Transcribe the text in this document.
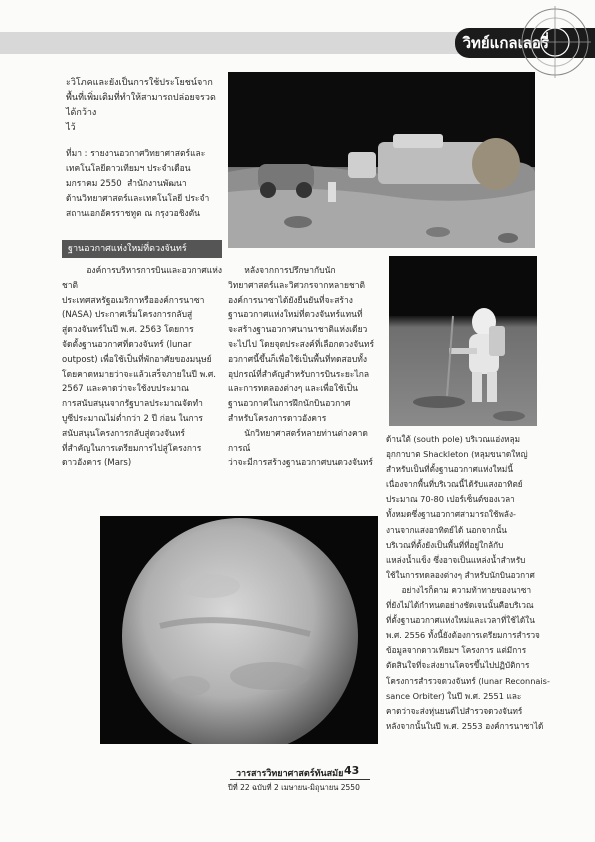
วิทย์แกลเลอรี่
ะวิโภคและยังเป็นการใช้ประโยชน์จาก
พื้นที่เพิ่มเติมที่ทำให้สามารถปล่อยจรวดได้กว้าง
ไว้
ที่มา : รายงานอวกาศวิทยาศาสตร์และ
เทคโนโลยีดาวเทียมฯ ประจำเดือน
มกราคม 2550  สำนักงานพัฒนา
ด้านวิทยาศาสตร์และเทคโนโลยี ประจำ
สถานเอกอัครราชทูต ณ กรุงวอชิงตัน
ฐานอวกาศแห่งใหม่ที่ดวงจันทร์
องค์การบริหารการบินและอวกาศแห่งชาติ
ประเทศสหรัฐอเมริกาหรือองค์การนาซา
(NASA) ประกาศเริ่มโครงการกลับสู่
สู่ดวงจันทร์ในปี พ.ศ. 2563 โดยการ
จัดตั้งฐานอวกาศที่ดวงจันทร์ (lunar
outpost) เพื่อใช้เป็นที่พักอาศัยของมนุษย์
โดยคาดหมายว่าจะแล้วเสร็จภายในปี พ.ศ.
2567 และคาดว่าจะใช้งบประมาณ
การสนับสนุนจากรัฐบาลประมาณจัดทำ
บูซีประมาณไม่ต่ำกว่า 2 ปี ก่อน ในการ
สนับสนุนโครงการกลับสู่ดวงจันทร์
ที่สำคัญในการเตรียมการไปสู่โครงการ
ดาวอังคาร (Mars)
หลังจากการปรึกษากับนัก
วิทยาศาสตร์และวิศวกรจากหลายชาติ
องค์การนาซาได้ยังยืนยันที่จะสร้าง
ฐานอวกาศแห่งใหม่ที่ดวงจันทร์แทนที่
จะสร้างฐานอวกาศนานาชาติแห่งเดียว
จะไปไป โดยจุดประสงค์ที่เลือกดวงจันทร์
อวกาศนี้ขึ้นก็เพื่อใช้เป็นพื้นที่ทดสอบทั้ง
อุปกรณ์ที่สำคัญสำหรับการบินระยะไกล
และการทดลองต่างๆ และเพื่อใช้เป็น
ฐานอวกาศในการฝึกนักบินอวกาศ
สำหรับโครงการดาวอังคาร
นักวิทยาศาสตร์หลายท่านต่างคาดการณ์
ว่าจะมีการสร้างฐานอวกาศบนดวงจันทร์
ด้านใต้ (south pole) บริเวณแอ่งหลุม
อุกกาบาต Shackleton (หลุมขนาดใหญ่
สำหรับเป็นที่ตั้งฐานอวกาศแห่งใหม่นี้
เนื่องจากพื้นที่บริเวณนี้ได้รับแสงอาทิตย์
ประมาณ 70-80 เปอร์เซ็นต์ของเวลา
ทั้งหมดซึ่งฐานอวกาศสามารถใช้พลัง-
งานจากแสงอาทิตย์ได้ นอกจากนั้น
บริเวณที่ตั้งยังเป็นพื้นที่ที่อยู่ใกล้กับ
แหล่งน้ำแข็ง ซึ่งอาจเป็นแหล่งน้ำสำหรับ
ใช้ในการทดลองต่างๆ สำหรับนักบินอวกาศ
อย่างไรก็ตาม ความท้าทายของนาซา
ที่ยังไม่ได้กำหนดอย่างชัดเจนนั้นคือบริเวณ
ที่ตั้งฐานอวกาศแห่งใหม่และเวลาที่ใช้ได้ใน
พ.ศ. 2556 ทั้งนี้ยังต้องการเตรียมการสำรวจ
ข้อมูลจากดาวเทียมฯ โครงการ แต่มีการ
ตัดสินใจที่จะส่งยานโคจรขึ้นไปปฏิบัติการ
โครงการสำรวจดวงจันทร์ (lunar Reconnais-
sance Orbiter) ในปี พ.ศ. 2551 และ
คาดว่าจะส่งหุ่นยนต์ไปสำรวจดวงจันทร์
หลังจากนั้นในปี พ.ศ. 2553 องค์การนาซาได้
วารสารวิทยาศาสตร์ทันสมัย 43
ปีที่ 22 ฉบับที่ 2 เมษายน-มิถุนายน 2550
